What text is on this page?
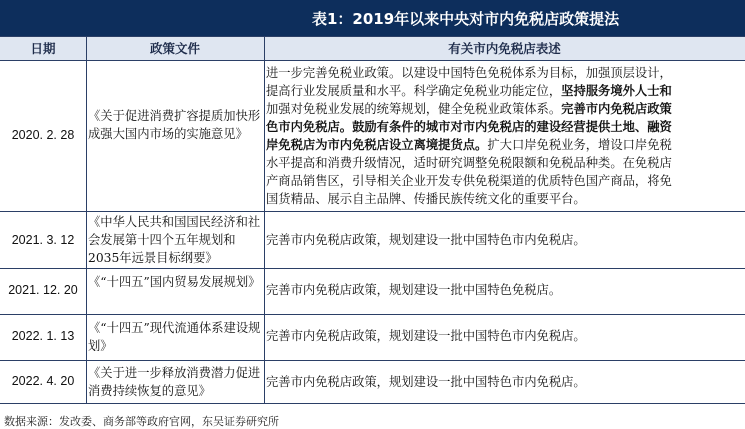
表1：2019年以来中央对市内免税店政策提法
日期	政策文件	有关市内免税店表述
2020. 2. 28
《关于促进消费扩容提质加快形成强大国内市场的实施意见》
进一步完善免税业政策。以建设中国特色免税体系为目标，加强顶层设计，
提高行业发展质量和水平。科学确定免税业功能定位，坚持服务境外人士和
加强对免税业发展的统筹规划，健全免税业政策体系。完善市内免税店政策
色市内免税店。鼓励有条件的城市对市内免税店的建设经营提供土地、融资
岸免税店为市内免税店设立离境提货点。扩大口岸免税业务，增设口岸免税
水平提高和消费升级情况，适时研究调整免税限额和免税品种类。在免税店
产商品销售区，引导相关企业开发专供免税渠道的优质特色国产商品，将免
国货精品、展示自主品牌、传播民族传统文化的重要平台。
2021. 3. 12
《中华人民共和国国民经济和社会发展第十四个五年规划和2035年远景目标纲要》
完善市内免税店政策，规划建设一批中国特色市内免税店。
2021. 12. 20
《“十四五”国内贸易发展规划》
完善市内免税店政策，规划建设一批中国特色免税店。
2022. 1. 13
《“十四五”现代流通体系建设规划》
完善市内免税店政策，规划建设一批中国特色市内免税店。
2022. 4. 20
《关于进一步释放消费潜力促进消费持续恢复的意见》
完善市内免税店政策，规划建设一批中国特色市内免税店。
数据来源：发改委、商务部等政府官网，东吴证券研究所
